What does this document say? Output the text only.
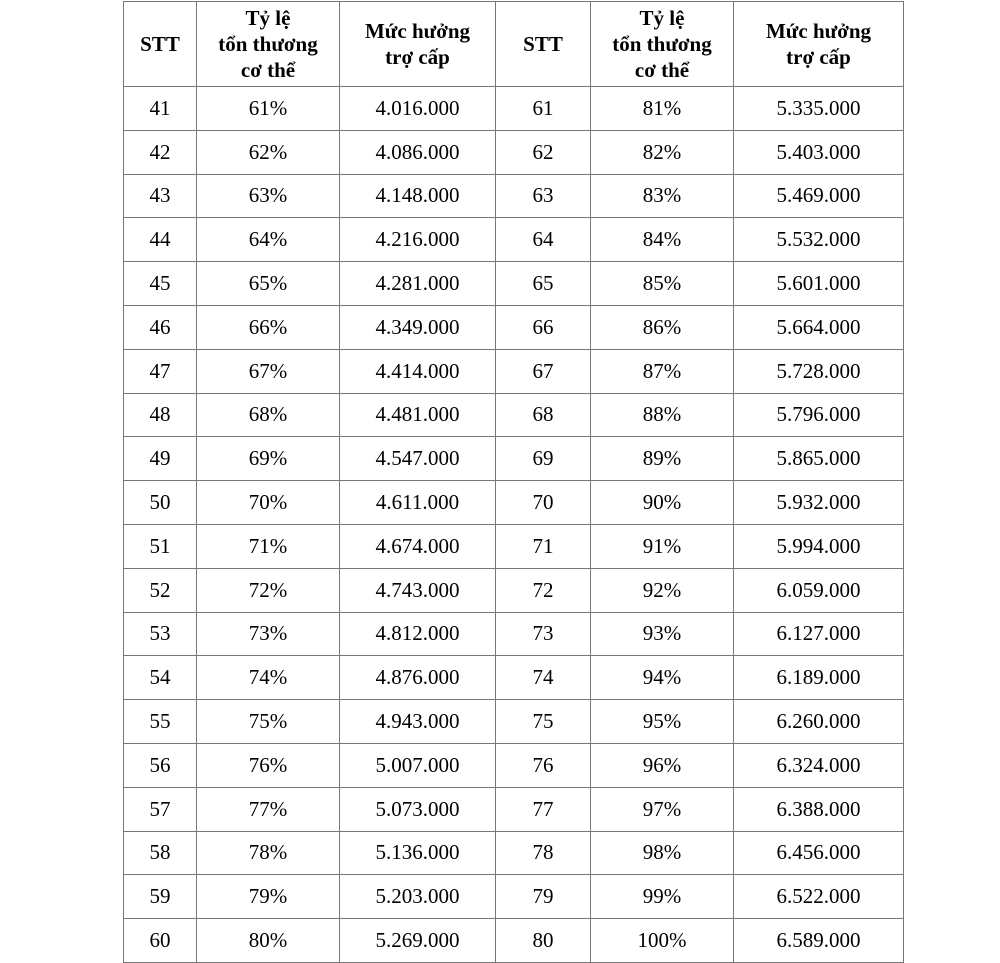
STT	Tỷ lệ
tổn thương
cơ thể	Mức hưởng
trợ cấp	STT	Tỷ lệ
tổn thương
cơ thể	Mức hưởng
trợ cấp

41	61%	4.016.000	61	81%	5.335.000
42	62%	4.086.000	62	82%	5.403.000
43	63%	4.148.000	63	83%	5.469.000
44	64%	4.216.000	64	84%	5.532.000
45	65%	4.281.000	65	85%	5.601.000
46	66%	4.349.000	66	86%	5.664.000
47	67%	4.414.000	67	87%	5.728.000
48	68%	4.481.000	68	88%	5.796.000
49	69%	4.547.000	69	89%	5.865.000
50	70%	4.611.000	70	90%	5.932.000
51	71%	4.674.000	71	91%	5.994.000
52	72%	4.743.000	72	92%	6.059.000
53	73%	4.812.000	73	93%	6.127.000
54	74%	4.876.000	74	94%	6.189.000
55	75%	4.943.000	75	95%	6.260.000
56	76%	5.007.000	76	96%	6.324.000
57	77%	5.073.000	77	97%	6.388.000
58	78%	5.136.000	78	98%	6.456.000
59	79%	5.203.000	79	99%	6.522.000
60	80%	5.269.000	80	100%	6.589.000
